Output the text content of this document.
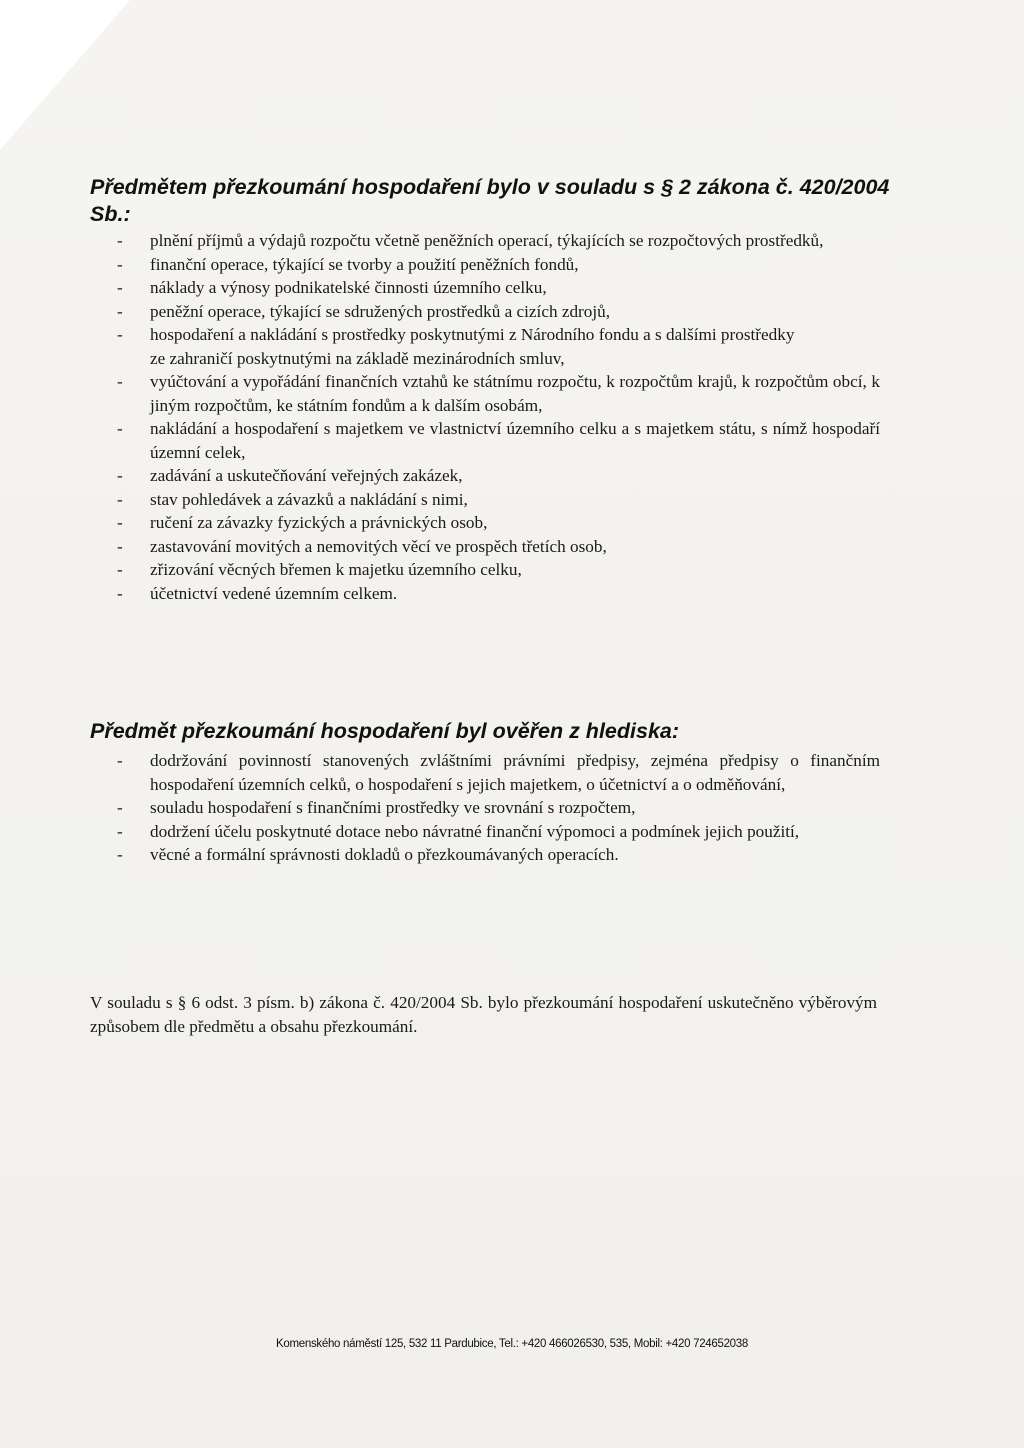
Předmětem přezkoumání hospodaření bylo v souladu s § 2 zákona č. 420/2004 Sb.:
- plnění příjmů a výdajů rozpočtu včetně peněžních operací, týkajících se rozpočtových prostředků,
- finanční operace, týkající se tvorby a použití peněžních fondů,
- náklady a výnosy podnikatelské činnosti územního celku,
- peněžní operace, týkající se sdružených prostředků a cizích zdrojů,
- hospodaření a nakládání s prostředky poskytnutými z Národního fondu a s dalšími prostředky
ze zahraničí poskytnutými na základě mezinárodních smluv,
- vyúčtování a vypořádání finančních vztahů ke státnímu rozpočtu, k rozpočtům krajů, k rozpočtům obcí, k jiným rozpočtům, ke státním fondům a k dalším osobám,
- nakládání a hospodaření s majetkem ve vlastnictví územního celku a s majetkem státu, s nímž hospodaří územní celek,
- zadávání a uskutečňování veřejných zakázek,
- stav pohledávek a závazků a nakládání s nimi,
- ručení za závazky fyzických a právnických osob,
- zastavování movitých a nemovitých věcí ve prospěch třetích osob,
- zřizování věcných břemen k majetku územního celku,
- účetnictví vedené územním celkem.
Předmět přezkoumání hospodaření byl ověřen z hlediska:
- dodržování povinností stanovených zvláštními právními předpisy, zejména předpisy o finančním hospodaření územních celků, o hospodaření s jejich majetkem, o účetnictví a o odměňování,
- souladu hospodaření s finančními prostředky ve srovnání s rozpočtem,
- dodržení účelu poskytnuté dotace nebo návratné finanční výpomoci a podmínek jejich použití,
- věcné a formální správnosti dokladů o přezkoumávaných operacích.

V souladu s § 6 odst. 3 písm. b) zákona č. 420/2004 Sb. bylo přezkoumání hospodaření uskutečněno výběrovým způsobem dle předmětu a obsahu přezkoumání.

Komenského náměstí 125, 532 11 Pardubice, Tel.: +420 466026530, 535, Mobil: +420 724652038
